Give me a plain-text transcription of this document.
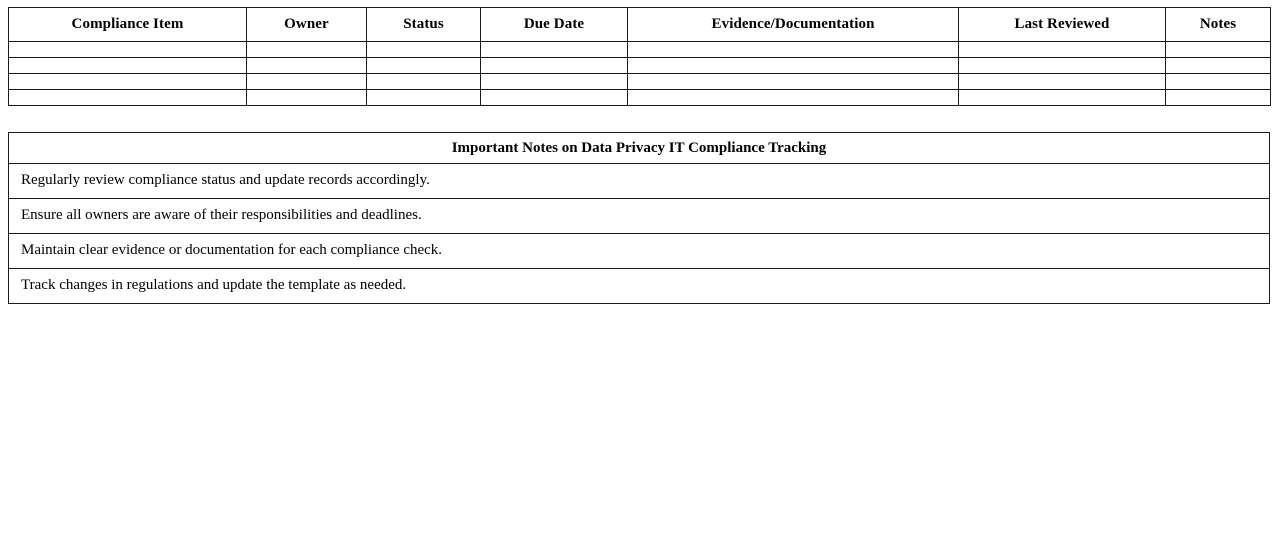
Compliance Item	Owner	Status	Due Date	Evidence/Documentation	Last Reviewed	Notes

Important Notes on Data Privacy IT Compliance Tracking
Regularly review compliance status and update records accordingly.
Ensure all owners are aware of their responsibilities and deadlines.
Maintain clear evidence or documentation for each compliance check.
Track changes in regulations and update the template as needed.
